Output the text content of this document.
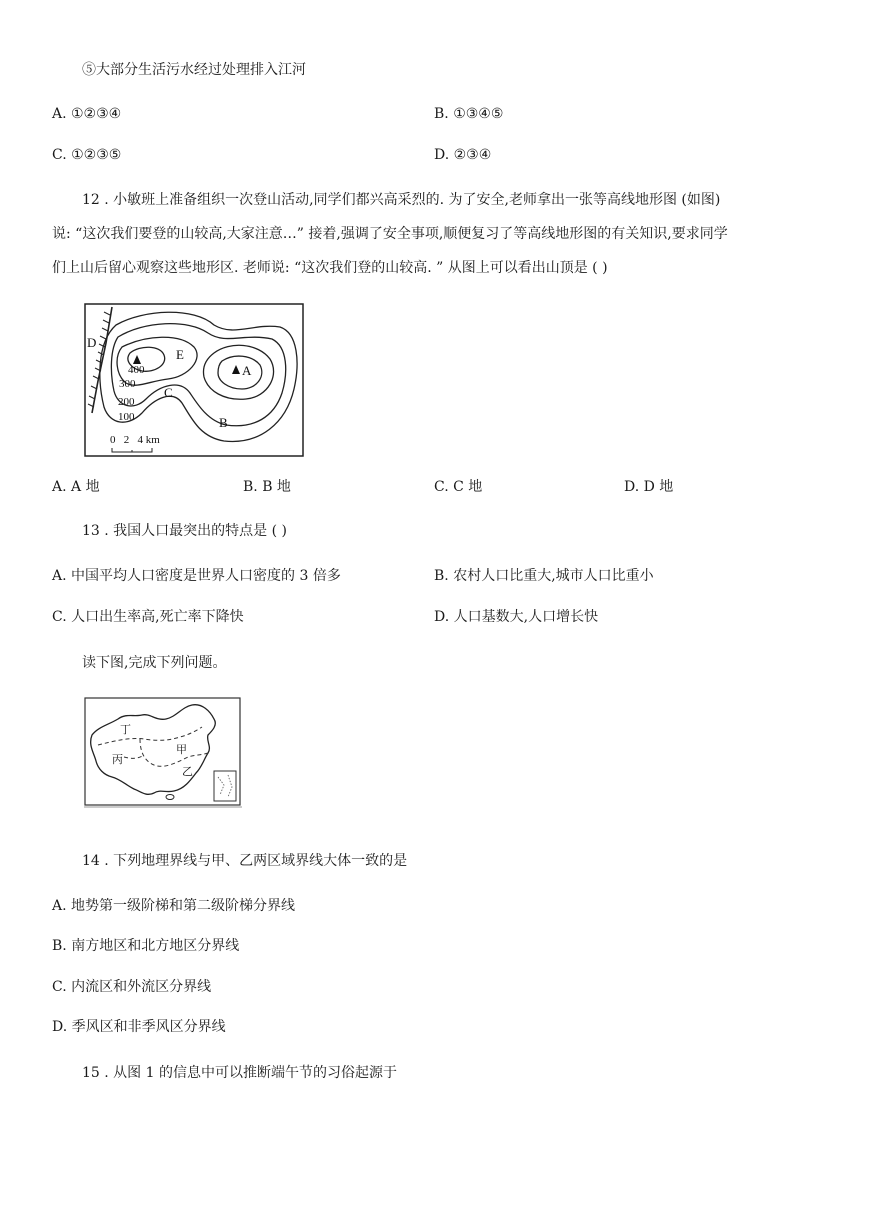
⑤大部分生活污水经过处理排入江河
A. ①②③④	B. ①③④⑤
C. ①②③⑤	D. ②③④
12 . 小敏班上准备组织一次登山活动,同学们都兴高采烈的. 为了安全,老师拿出一张等高线地形图 (如图)
说: “这次我们要登的山较高,大家注意…” 接着,强调了安全事项,顺便复习了等高线地形图的有关知识,要求同学
们上山后留心观察这些地形区. 老师说: “这次我们登的山较高. ” 从图上可以看出山顶是 ( )
D
E
A
B
C
400
300
200
100
0   2   4 km
A. A 地	B. B 地	C. C 地	D. D 地
13 . 我国人口最突出的特点是 ( )
A. 中国平均人口密度是世界人口密度的 3 倍多	B. 农村人口比重大,城市人口比重小
C. 人口出生率高,死亡率下降快	D. 人口基数大,人口增长快
读下图,完成下列问题。
丁
甲
丙
乙
14 . 下列地理界线与甲、乙两区域界线大体一致的是
A. 地势第一级阶梯和第二级阶梯分界线
B. 南方地区和北方地区分界线
C. 内流区和外流区分界线
D. 季风区和非季风区分界线
15 . 从图 1 的信息中可以推断端午节的习俗起源于
